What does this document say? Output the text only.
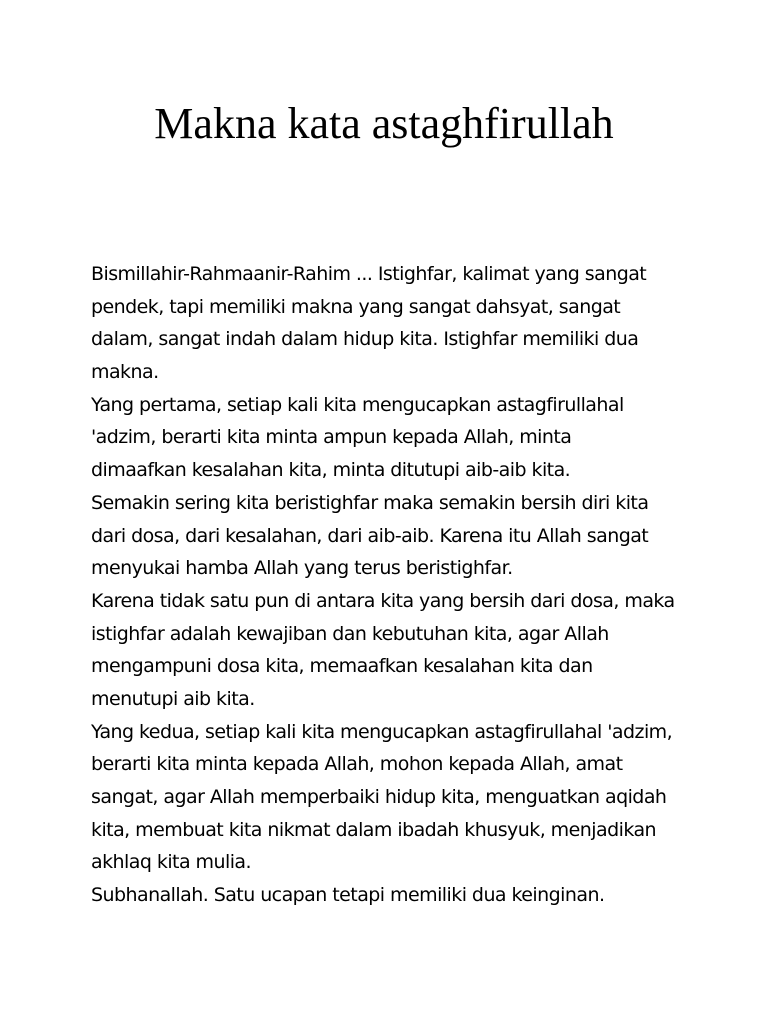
Makna kata astaghfirullah
Bismillahir-Rahmaanir-Rahim ... Istighfar, kalimat yang sangat
pendek, tapi memiliki makna yang sangat dahsyat, sangat
dalam, sangat indah dalam hidup kita. Istighfar memiliki dua
makna.
Yang pertama, setiap kali kita mengucapkan astagfirullahal
'adzim, berarti kita minta ampun kepada Allah, minta
dimaafkan kesalahan kita, minta ditutupi aib-aib kita.
Semakin sering kita beristighfar maka semakin bersih diri kita
dari dosa, dari kesalahan, dari aib-aib. Karena itu Allah sangat
menyukai hamba Allah yang terus beristighfar.
Karena tidak satu pun di antara kita yang bersih dari dosa, maka
istighfar adalah kewajiban dan kebutuhan kita, agar Allah
mengampuni dosa kita, memaafkan kesalahan kita dan
menutupi aib kita.
Yang kedua, setiap kali kita mengucapkan astagfirullahal 'adzim,
berarti kita minta kepada Allah, mohon kepada Allah, amat
sangat, agar Allah memperbaiki hidup kita, menguatkan aqidah
kita, membuat kita nikmat dalam ibadah khusyuk, menjadikan
akhlaq kita mulia.
Subhanallah. Satu ucapan tetapi memiliki dua keinginan.
